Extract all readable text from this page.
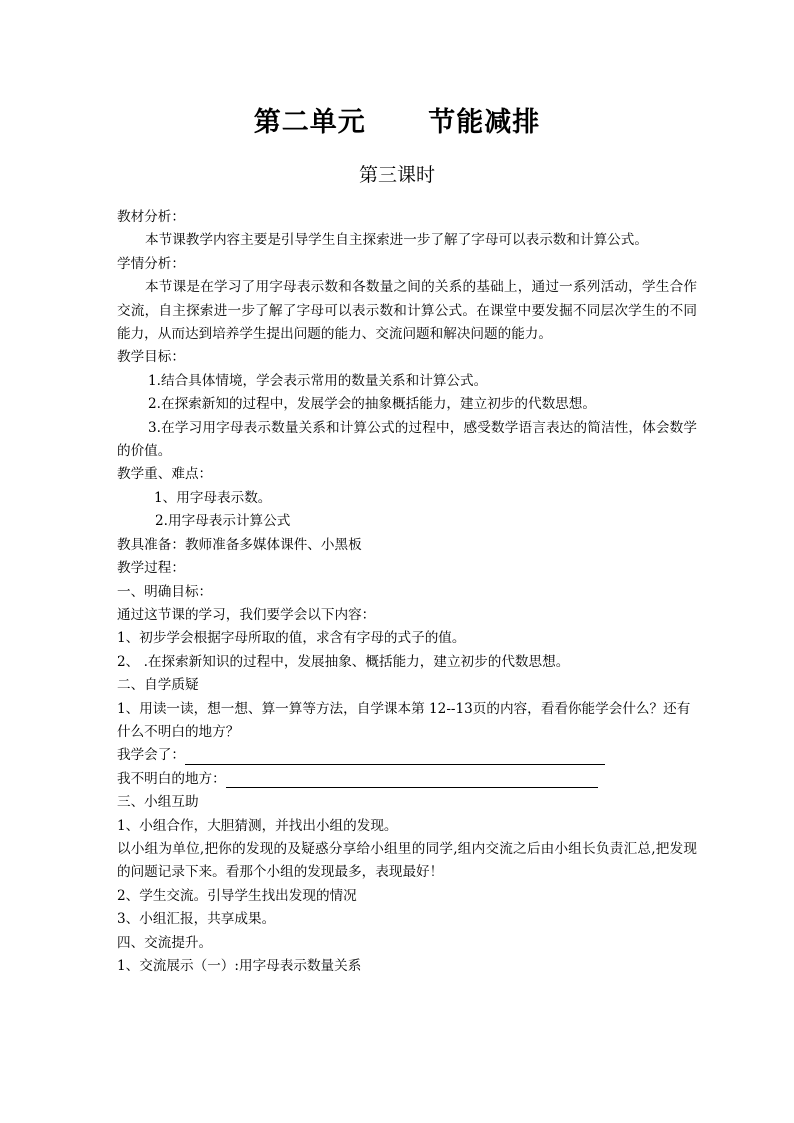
第二单元      节能减排
第三课时
教材分析：
本节课教学内容主要是引导学生自主探索进一步了解了字母可以表示数和计算公式。
学情分析：
本节课是在学习了用字母表示数和各数量之间的关系的基础上，通过一系列活动，学生合作交流，自主探索进一步了解了字母可以表示数和计算公式。在课堂中要发掘不同层次学生的不同能力，从而达到培养学生提出问题的能力、交流问题和解决问题的能力。
教学目标：
1.结合具体情境，学会表示常用的数量关系和计算公式。
2.在探索新知的过程中，发展学会的抽象概括能力，建立初步的代数思想。
3.在学习用字母表示数量关系和计算公式的过程中，感受数学语言表达的简洁性，体会数学的价值。
教学重、难点：
1、用字母表示数。
2.用字母表示计算公式
教具准备：教师准备多媒体课件、小黑板
教学过程：
一、明确目标：
通过这节课的学习，我们要学会以下内容：
1、初步学会根据字母所取的值，求含有字母的式子的值。
2、 .在探索新知识的过程中，发展抽象、概括能力，建立初步的代数思想。
二、自学质疑
1、用读一读，想一想、算一算等方法，自学课本第 12--13页的内容，看看你能学会什么？还有什么不明白的地方？
我学会了：
我不明白的地方：
三、小组互助
1、小组合作，大胆猜测，并找出小组的发现。
以小组为单位,把你的发现的及疑惑分享给小组里的同学,组内交流之后由小组长负责汇总,把发现的问题记录下来。看那个小组的发现最多，表现最好！
2、学生交流。引导学生找出发现的情况
3、小组汇报，共享成果。
四、交流提升。
1、交流展示（一）:用字母表示数量关系
